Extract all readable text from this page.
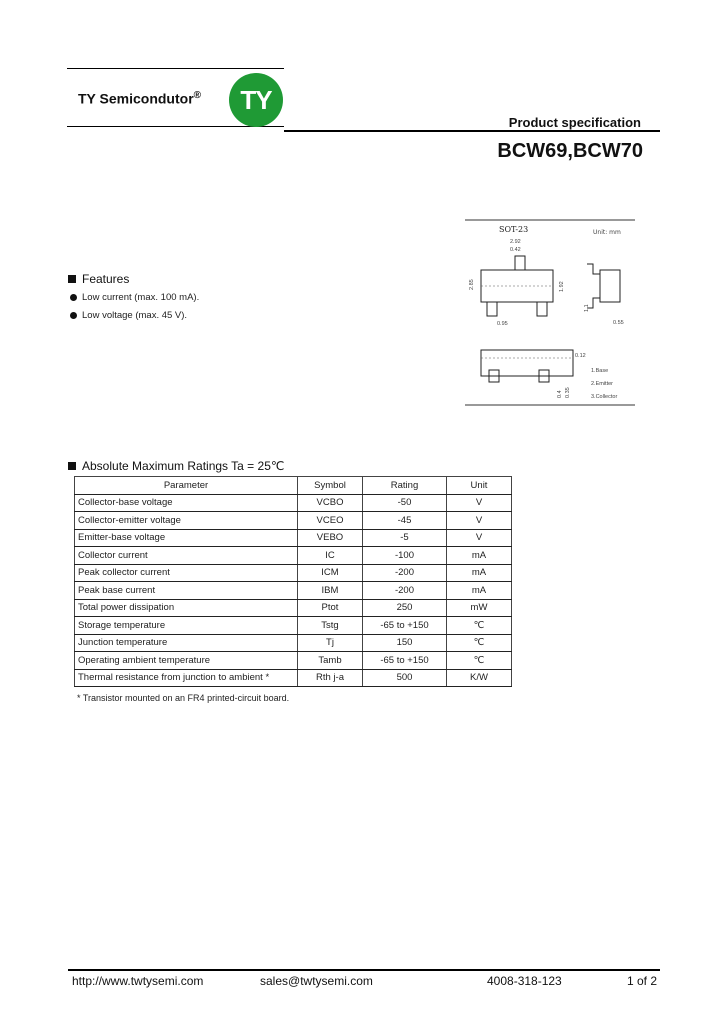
TY Semicondutor® TY
Product specification
BCW69,BCW70
SOT-23	Unit: mm
2.92
0.42
2.85	1.92
0.95
1.1
0.55
0.12
0.4 0.35
1.Base
2.Emitter
3.Collector
Features
Low current (max. 100 mA).
Low voltage (max. 45 V).
Absolute Maximum Ratings Ta = 25℃
Parameter	Symbol	Rating	Unit
Collector-base voltage	VCBO	-50	V
Collector-emitter voltage	VCEO	-45	V
Emitter-base voltage	VEBO	-5	V
Collector current	IC	-100	mA
Peak collector current	ICM	-200	mA
Peak base current	IBM	-200	mA
Total power dissipation	Ptot	250	mW
Storage temperature	Tstg	-65 to +150	℃
Junction temperature	Tj	150	℃
Operating ambient temperature	Tamb	-65 to +150	℃
Thermal resistance from junction to ambient *	Rth j-a	500	K/W
* Transistor mounted on an FR4 printed-circuit board.
http://www.twtysemi.com	sales@twtysemi.com	4008-318-123	1 of 2
